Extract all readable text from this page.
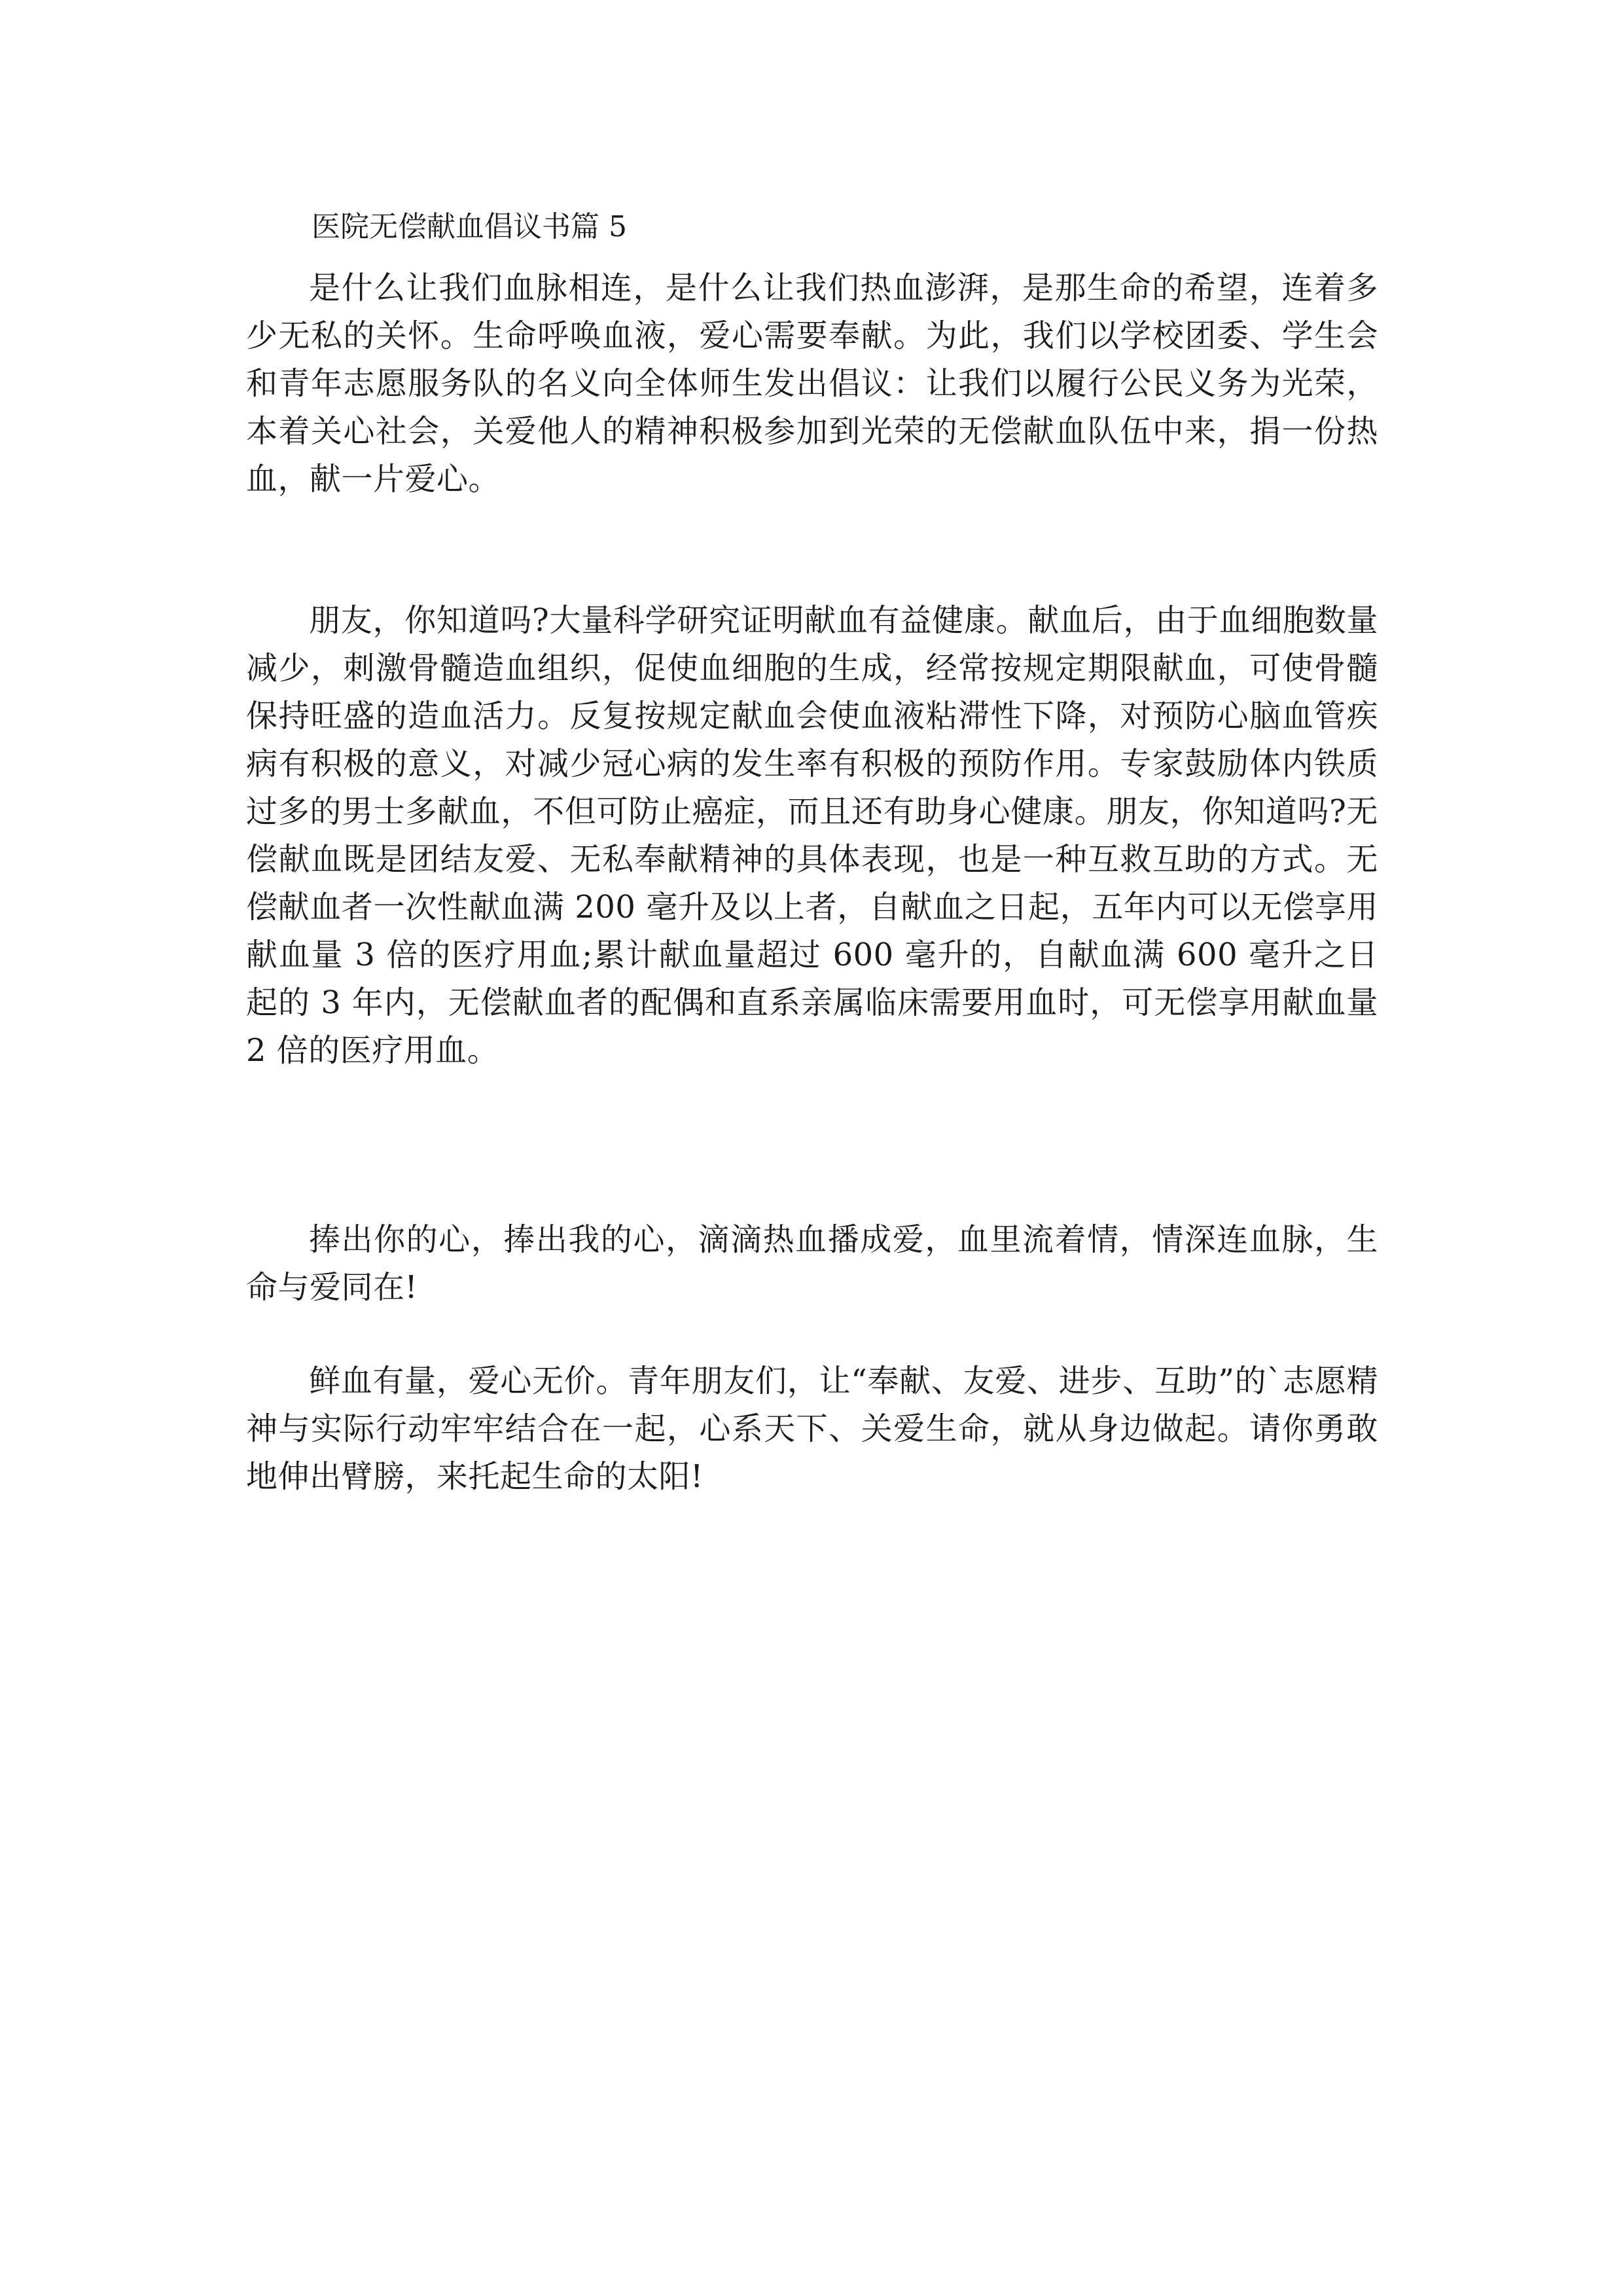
医院无偿献血倡议书篇 5

是什么让我们血脉相连，是什么让我们热血澎湃，是那生命的希望，连着多少无私的关怀。生命呼唤血液，爱心需要奉献。为此，我们以学校团委、学生会和青年志愿服务队的名义向全体师生发出倡议：让我们以履行公民义务为光荣，本着关心社会，关爱他人的精神积极参加到光荣的无偿献血队伍中来，捐一份热血，献一片爱心。

朋友，你知道吗?大量科学研究证明献血有益健康。献血后，由于血细胞数量减少，刺激骨髓造血组织，促使血细胞的生成，经常按规定期限献血，可使骨髓保持旺盛的造血活力。反复按规定献血会使血液粘滞性下降，对预防心脑血管疾病有积极的意义，对减少冠心病的发生率有积极的预防作用。专家鼓励体内铁质过多的男士多献血，不但可防止癌症，而且还有助身心健康。朋友，你知道吗?无偿献血既是团结友爱、无私奉献精神的具体表现，也是一种互救互助的方式。无偿献血者一次性献血满 200 毫升及以上者，自献血之日起，五年内可以无偿享用献血量 3 倍的医疗用血;累计献血量超过 600 毫升的，自献血满 600 毫升之日起的 3 年内，无偿献血者的配偶和直系亲属临床需要用血时，可无偿享用献血量 2 倍的医疗用血。

捧出你的心，捧出我的心，滴滴热血播成爱，血里流着情，情深连血脉，生命与爱同在!

鲜血有量，爱心无价。青年朋友们，让“奉献、友爱、进步、互助”的`志愿精神与实际行动牢牢结合在一起，心系天下、关爱生命，就从身边做起。请你勇敢地伸出臂膀，来托起生命的太阳!
